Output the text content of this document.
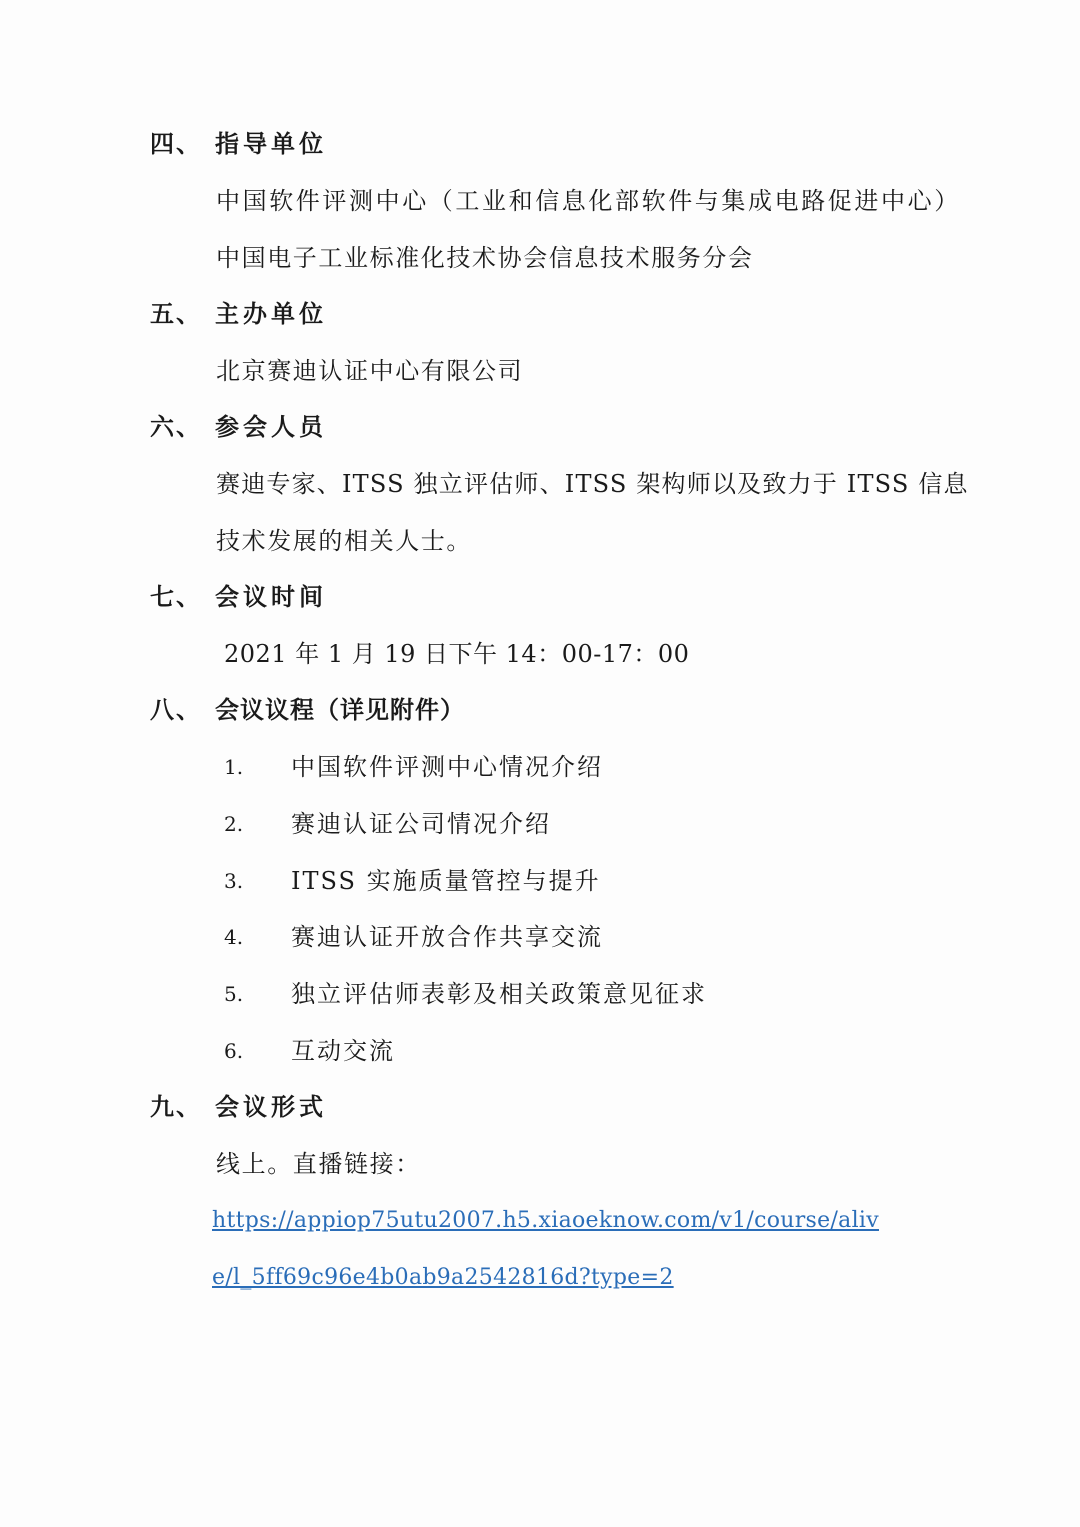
四、 指导单位
中国软件评测中心（工业和信息化部软件与集成电路促进中心）
中国电子工业标准化技术协会信息技术服务分会
五、 主办单位
北京赛迪认证中心有限公司
六、 参会人员
赛迪专家、ITSS 独立评估师、ITSS 架构师以及致力于 ITSS 信息
技术发展的相关人士。
七、 会议时间
2021 年 1 月 19 日下午 14：00-17：00
八、 会议议程（详见附件）
1. 中国软件评测中心情况介绍
2. 赛迪认证公司情况介绍
3. ITSS 实施质量管控与提升
4. 赛迪认证开放合作共享交流
5. 独立评估师表彰及相关政策意见征求
6. 互动交流
九、 会议形式
线上。直播链接：
https://appiop75utu2007.h5.xiaoeknow.com/v1/course/aliv
e/l_5ff69c96e4b0ab9a2542816d?type=2
